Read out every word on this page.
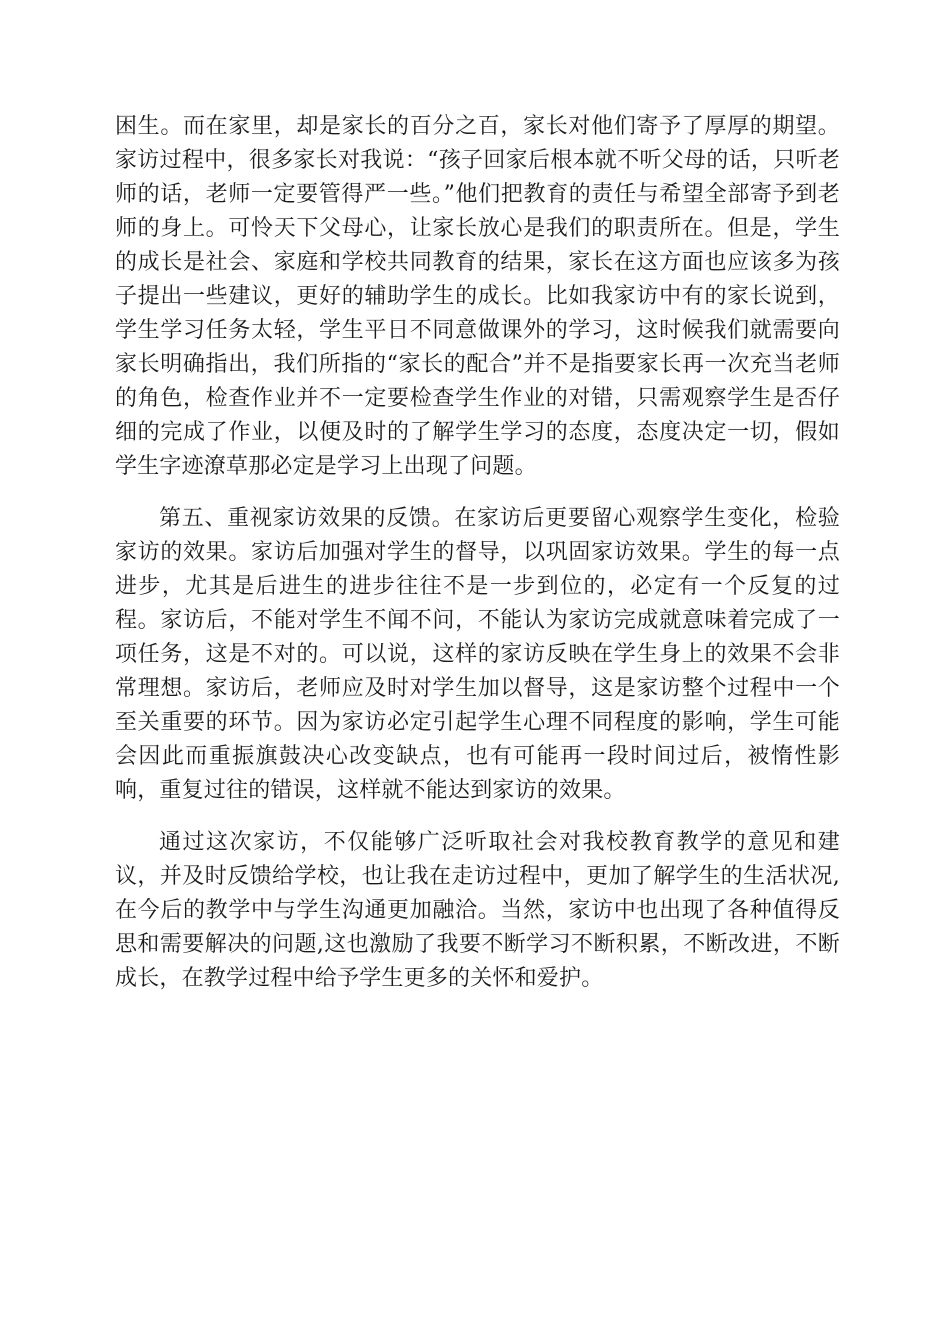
困生。而在家里，却是家长的百分之百，家长对他们寄予了厚厚的期望。家访过程中，很多家长对我说：“孩子回家后根本就不听父母的话，只听老师的话，老师一定要管得严一些。”他们把教育的责任与希望全部寄予到老师的身上。可怜天下父母心，让家长放心是我们的职责所在。但是，学生的成长是社会、家庭和学校共同教育的结果，家长在这方面也应该多为孩子提出一些建议，更好的辅助学生的成长。比如我家访中有的家长说到，学生学习任务太轻，学生平日不同意做课外的学习，这时候我们就需要向家长明确指出，我们所指的“家长的配合”并不是指要家长再一次充当老师的角色，检查作业并不一定要检查学生作业的对错，只需观察学生是否仔细的完成了作业，以便及时的了解学生学习的态度，态度决定一切，假如学生字迹潦草那必定是学习上出现了问题。

第五、重视家访效果的反馈。在家访后更要留心观察学生变化，检验家访的效果。家访后加强对学生的督导，以巩固家访效果。学生的每一点进步，尤其是后进生的进步往往不是一步到位的，必定有一个反复的过程。家访后，不能对学生不闻不问，不能认为家访完成就意味着完成了一项任务，这是不对的。可以说，这样的家访反映在学生身上的效果不会非常理想。家访后，老师应及时对学生加以督导，这是家访整个过程中一个至关重要的环节。因为家访必定引起学生心理不同程度的影响，学生可能会因此而重振旗鼓决心改变缺点，也有可能再一段时间过后，被惰性影响，重复过往的错误，这样就不能达到家访的效果。

通过这次家访，不仅能够广泛听取社会对我校教育教学的意见和建议，并及时反馈给学校，也让我在走访过程中，更加了解学生的生活状况,在今后的教学中与学生沟通更加融洽。当然，家访中也出现了各种值得反思和需要解决的问题,这也激励了我要不断学习不断积累，不断改进，不断成长，在教学过程中给予学生更多的关怀和爱护。
